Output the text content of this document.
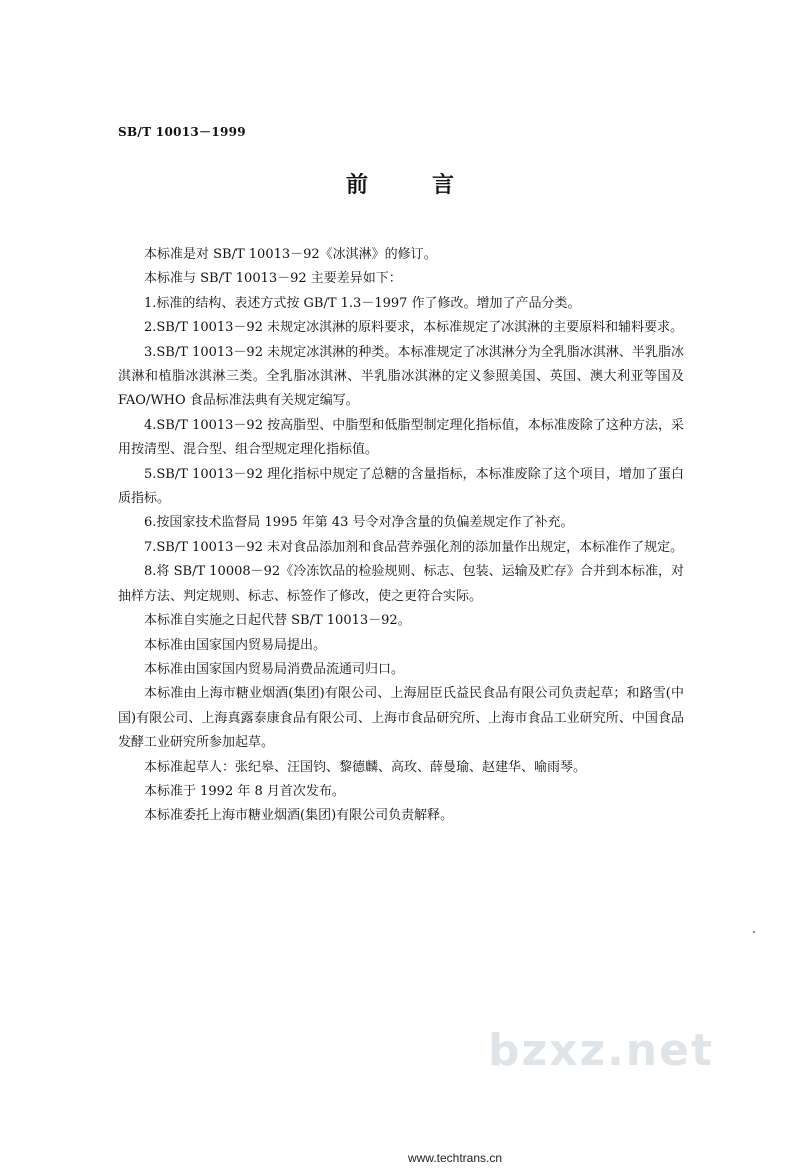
SB/T 10013－1999
前言

本标准是对 SB/T 10013－92《冰淇淋》的修订。

本标准与 SB/T 10013－92 主要差异如下：

1.标准的结构、表述方式按 GB/T 1.3－1997 作了修改。增加了产品分类。

2.SB/T 10013－92 未规定冰淇淋的原料要求，本标准规定了冰淇淋的主要原料和辅料要求。

3.SB/T 10013－92 未规定冰淇淋的种类。本标准规定了冰淇淋分为全乳脂冰淇淋、半乳脂冰淇淋和植脂冰淇淋三类。全乳脂冰淇淋、半乳脂冰淇淋的定义参照美国、英国、澳大利亚等国及 FAO/WHO 食品标准法典有关规定编写。

4.SB/T 10013－92 按高脂型、中脂型和低脂型制定理化指标值，本标准废除了这种方法，采用按清型、混合型、组合型规定理化指标值。

5.SB/T 10013－92 理化指标中规定了总糖的含量指标，本标准废除了这个项目，增加了蛋白质指标。

6.按国家技术监督局 1995 年第 43 号令对净含量的负偏差规定作了补充。

7.SB/T 10013－92 未对食品添加剂和食品营养强化剂的添加量作出规定，本标准作了规定。

8.将 SB/T 10008－92《冷冻饮品的检验规则、标志、包装、运输及贮存》合并到本标准，对抽样方法、判定规则、标志、标签作了修改，使之更符合实际。

本标准自实施之日起代替 SB/T 10013－92。

本标准由国家国内贸易局提出。

本标准由国家国内贸易局消费品流通司归口。

本标准由上海市糖业烟酒(集团)有限公司、上海屈臣氏益民食品有限公司负责起草；和路雪(中国)有限公司、上海真露泰康食品有限公司、上海市食品研究所、上海市食品工业研究所、中国食品发酵工业研究所参加起草。

本标准起草人：张纪皋、汪国钧、黎德麟、高玫、薛曼瑜、赵建华、喻雨琴。

本标准于 1992 年 8 月首次发布。

本标准委托上海市糖业烟酒(集团)有限公司负责解释。

bzxz.net
www.techtrans.cn
